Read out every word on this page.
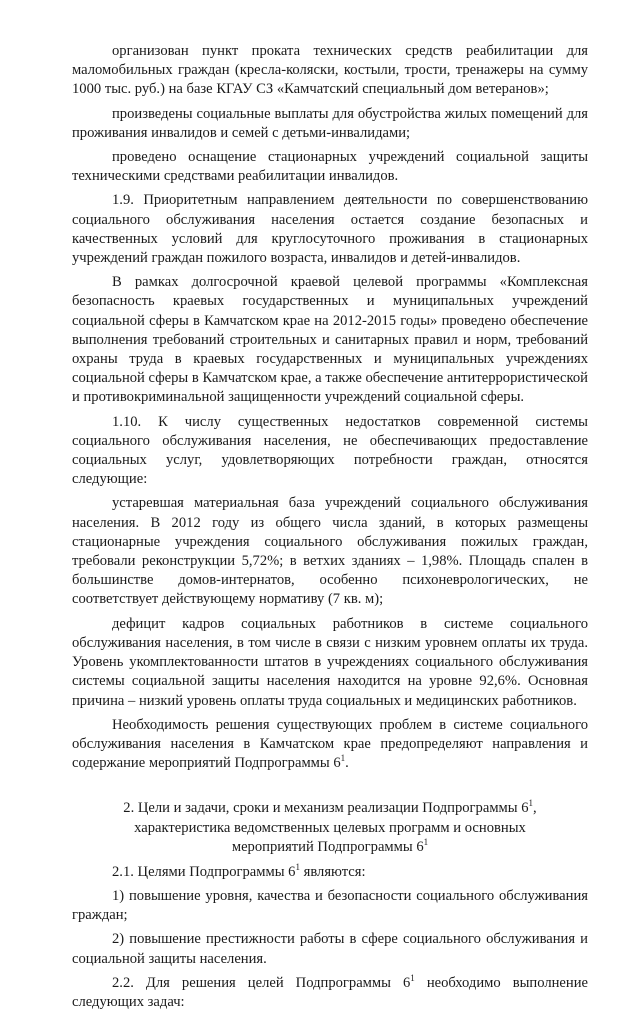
организован пункт проката технических средств реабилитации для маломобильных граждан (кресла-коляски, костыли, трости, тренажеры на сумму 1000 тыс. руб.) на базе КГАУ СЗ «Камчатский специальный дом ветеранов»;

произведены социальные выплаты для обустройства жилых помещений для проживания инвалидов и семей с детьми-инвалидами;

проведено оснащение стационарных учреждений социальной защиты техническими средствами реабилитации инвалидов.

1.9. Приоритетным направлением деятельности по совершенствованию социального обслуживания населения остается создание безопасных и качественных условий для круглосуточного проживания в стационарных учреждений граждан пожилого возраста, инвалидов и детей-инвалидов.

В рамках долгосрочной краевой целевой программы «Комплексная безопасность краевых государственных и муниципальных учреждений социальной сферы в Камчатском крае на 2012-2015 годы» проведено обеспечение выполнения требований строительных и санитарных правил и норм, требований охраны труда в краевых государственных и муниципальных учреждениях социальной сферы в Камчатском крае, а также обеспечение антитеррористической и противокриминальной защищенности учреждений социальной сферы.

1.10. К числу существенных недостатков современной системы социального обслуживания населения, не обеспечивающих предоставление социальных услуг, удовлетворяющих потребности граждан, относятся следующие:

устаревшая материальная база учреждений социального обслуживания населения. В 2012 году из общего числа зданий, в которых размещены стационарные учреждения социального обслуживания пожилых граждан, требовали реконструкции 5,72%; в ветхих зданиях – 1,98%. Площадь спален в большинстве домов-интернатов, особенно психоневрологических, не соответствует действующему нормативу (7 кв. м);

дефицит кадров социальных работников в системе социального обслуживания населения, в том числе в связи с низким уровнем оплаты их труда. Уровень укомплектованности штатов в учреждениях социального обслуживания системы социальной защиты населения находится на уровне 92,6%. Основная причина – низкий уровень оплаты труда социальных и медицинских работников.

Необходимость решения существующих проблем в системе социального обслуживания населения в Камчатском крае предопределяют направления и содержание мероприятий Подпрограммы $6^1$.

2. Цели и задачи, сроки и механизм реализации Подпрограммы $6^1$,
характеристика ведомственных целевых программ и основных
мероприятий Подпрограммы $6^1$

2.1. Целями Подпрограммы $6^1$ являются:

1) повышение уровня, качества и безопасности социального обслуживания граждан;

2) повышение престижности работы в сфере социального обслуживания и социальной защиты населения.

2.2. Для решения целей Подпрограммы $6^1$ необходимо выполнение следующих задач:
